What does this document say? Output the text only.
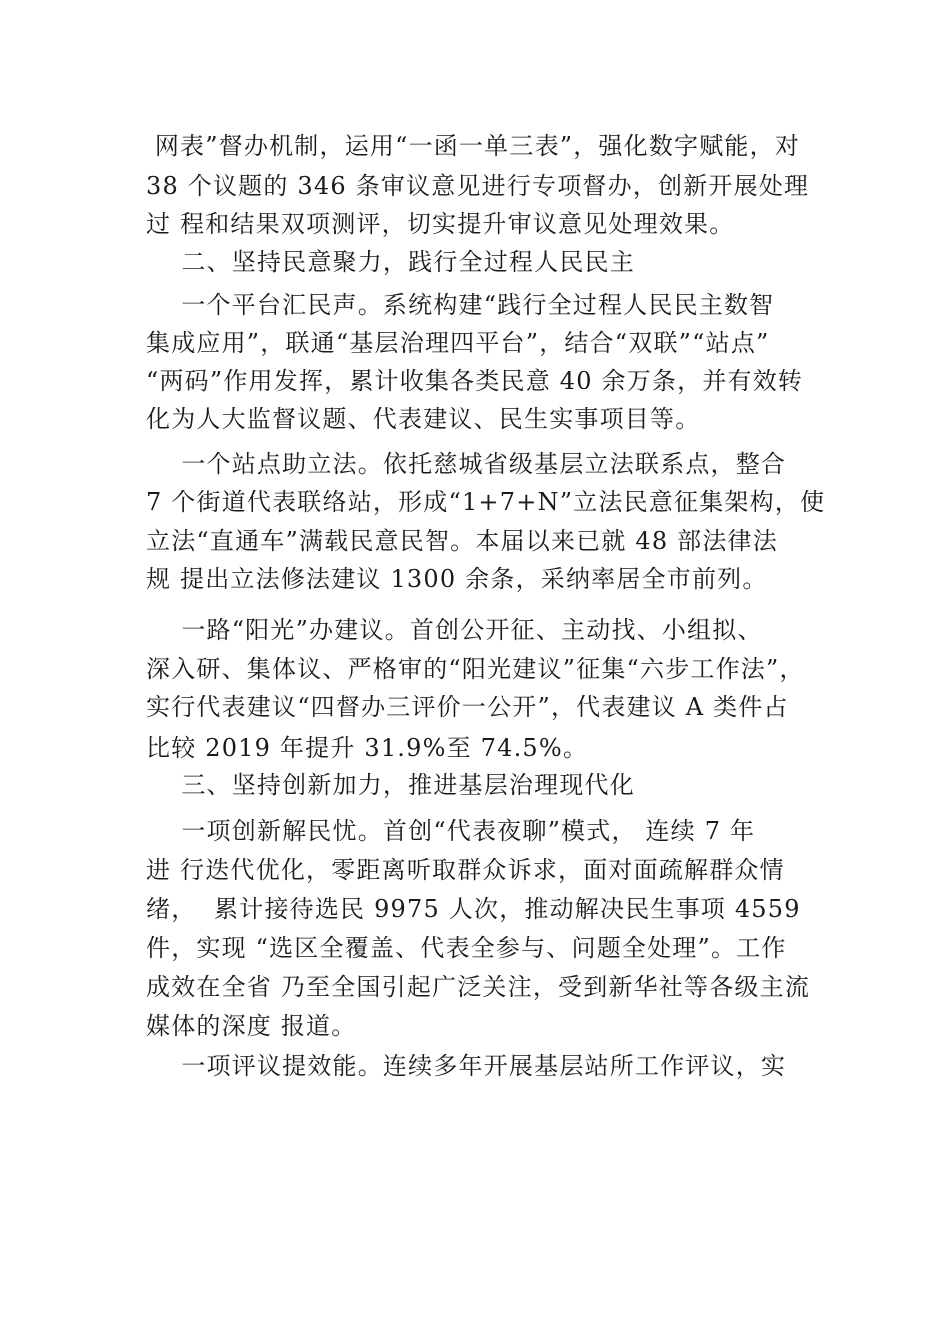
网表”督办机制，运用“一函一单三表”，强化数字赋能，对
38 个议题的 346 条审议意见进行专项督办，创新开展处理
过 程和结果双项测评，切实提升审议意见处理效果。
二、坚持民意聚力，践行全过程人民民主
一个平台汇民声。系统构建“践行全过程人民民主数智
集成应用”，联通“基层治理四平台”，结合“双联”“站点”
“两码”作用发挥，累计收集各类民意 40 余万条，并有效转
化为人大监督议题、代表建议、民生实事项目等。
一个站点助立法。依托慈城省级基层立法联系点，整合
7 个街道代表联络站，形成“1+7+N”立法民意征集架构，使
立法“直通车”满载民意民智。本届以来已就 48 部法律法
规 提出立法修法建议 1300 余条，采纳率居全市前列。
一路“阳光”办建议。首创公开征、主动找、小组拟、
深入研、集体议、严格审的“阳光建议”征集“六步工作法”，
实行代表建议“四督办三评价一公开”，代表建议 A 类件占
比较 2019 年提升 31.9%至 74.5%。
三、坚持创新加力，推进基层治理现代化
一项创新解民忧。首创“代表夜聊”模式， 连续 7 年
进 行迭代优化，零距离听取群众诉求，面对面疏解群众情
绪，  累计接待选民 9975 人次，推动解决民生事项 4559
件，实现 “选区全覆盖、代表全参与、问题全处理”。工作
成效在全省 乃至全国引起广泛关注，受到新华社等各级主流
媒体的深度 报道。
一项评议提效能。连续多年开展基层站所工作评议，实
